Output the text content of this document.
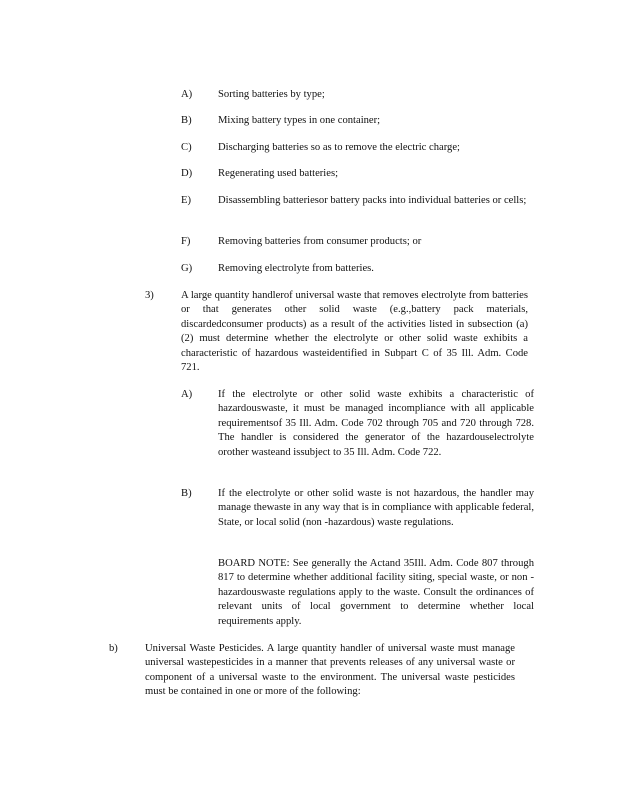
A) Sorting batteries by type;
B) Mixing battery types in one container;
C) Discharging batteries so as to remove the electric charge;
D) Regenerating used batteries;
E)	Disassembling batteriesor battery packs into individual batteries or cells;
F)	Removing batteries from consumer products; or
G) Removing electrolyte from batteries.
3)	A large quantity handlerof universal waste that removes electrolyte from batteries or that generates other solid waste (e.g.,battery pack materials, discardedconsumer products) as a result of the activities listed in subsection (a)(2) must determine whether the electrolyte or other solid waste exhibits a characteristic of hazardous wasteidentified in Subpart C of 35 Ill. Adm. Code 721.
A) If the electrolyte or other solid waste exhibits a characteristic of hazardouswaste, it must be managed incompliance with all applicable requirementsof 35 Ill. Adm. Code 702 through 705 and 720 through 728. The handler is considered the generator of the hazardouselectrolyte orother wasteand issubject to 35 Ill. Adm. Code 722.
B) If the electrolyte or other solid waste is not hazardous, the handler may manage thewaste in any way that is in compliance with applicable federal, State, or local solid (non -hazardous) waste regulations.
BOARD NOTE: See generally the Actand 35Ill. Adm. Code 807 through 817 to determine whether additional facility siting, special waste, or non -hazardouswaste regulations apply to the waste. Consult the ordinances of relevant units of local government to determine whether local requirements apply.
b)	Universal Waste Pesticides. A large quantity handler of universal waste must manage universal wastepesticides in a manner that prevents releases of any universal waste or component of a universal waste to the environment. The universal waste pesticides must be contained in one or more of the following:
